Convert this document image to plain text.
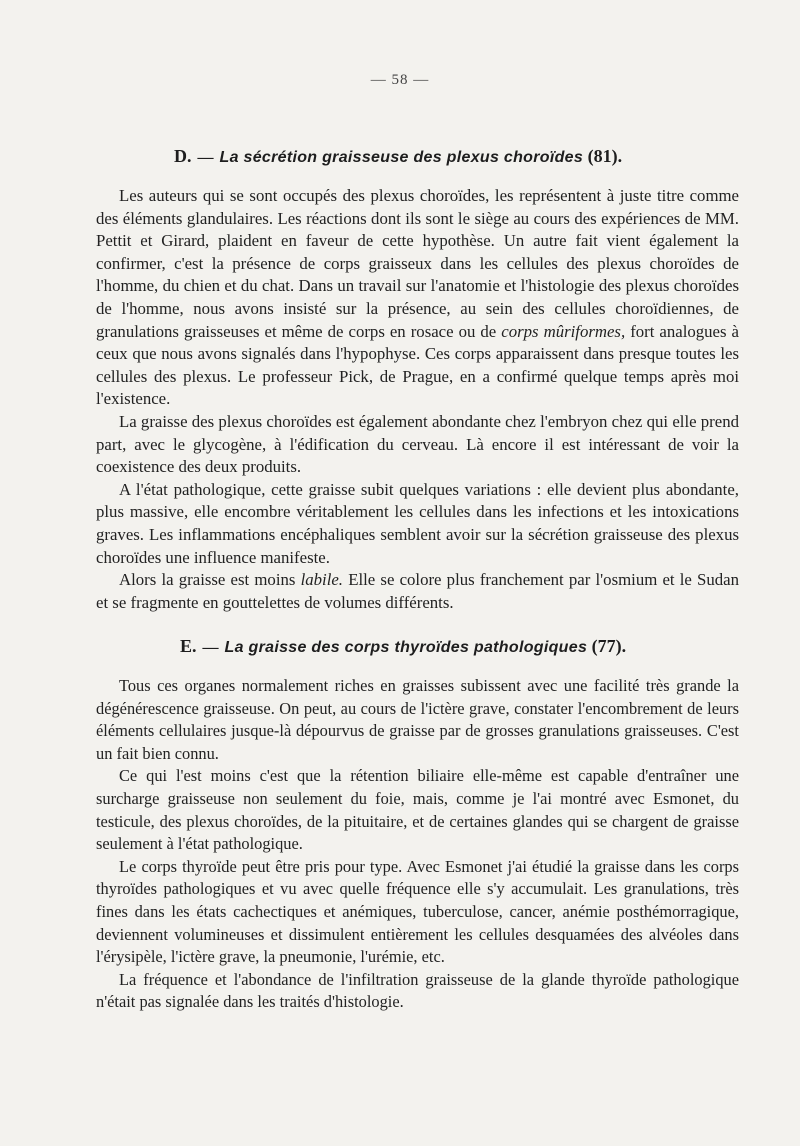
— 58 —
D. — La sécrétion graisseuse des plexus choroïdes (81).

Les auteurs qui se sont occupés des plexus choroïdes, les représentent à juste titre comme des éléments glandulaires. Les réactions dont ils sont le siège au cours des expériences de MM. Pettit et Girard, plaident en faveur de cette hypothèse. Un autre fait vient également la confirmer, c'est la présence de corps graisseux dans les cellules des plexus choroïdes de l'homme, du chien et du chat. Dans un travail sur l'anatomie et l'histologie des plexus choroïdes de l'homme, nous avons insisté sur la présence, au sein des cellules choroïdiennes, de granulations graisseuses et même de corps en rosace ou de corps mûriformes, fort analogues à ceux que nous avons signalés dans l'hypophyse. Ces corps apparaissent dans presque toutes les cellules des plexus. Le professeur Pick, de Prague, en a confirmé quelque temps après moi l'existence.

La graisse des plexus choroïdes est également abondante chez l'embryon chez qui elle prend part, avec le glycogène, à l'édification du cerveau. Là encore il est intéressant de voir la coexistence des deux produits.

A l'état pathologique, cette graisse subit quelques variations : elle devient plus abondante, plus massive, elle encombre véritablement les cellules dans les infections et les intoxications graves. Les inflammations encéphaliques semblent avoir sur la sécrétion graisseuse des plexus choroïdes une influence manifeste.

Alors la graisse est moins labile. Elle se colore plus franchement par l'osmium et le Sudan et se fragmente en gouttelettes de volumes différents.

E. — La graisse des corps thyroïdes pathologiques (77).

Tous ces organes normalement riches en graisses subissent avec une facilité très grande la dégénérescence graisseuse. On peut, au cours de l'ictère grave, constater l'encombrement de leurs éléments cellulaires jusque-là dépourvus de graisse par de grosses granulations graisseuses. C'est un fait bien connu.

Ce qui l'est moins c'est que la rétention biliaire elle-même est capable d'entraîner une surcharge graisseuse non seulement du foie, mais, comme je l'ai montré avec Esmonet, du testicule, des plexus choroïdes, de la pituitaire, et de certaines glandes qui se chargent de graisse seulement à l'état pathologique.

Le corps thyroïde peut être pris pour type. Avec Esmonet j'ai étudié la graisse dans les corps thyroïdes pathologiques et vu avec quelle fréquence elle s'y accumulait. Les granulations, très fines dans les états cachectiques et anémiques, tuberculose, cancer, anémie posthémorragique, deviennent volumineuses et dissimulent entièrement les cellules desquamées des alvéoles dans l'érysipèle, l'ictère grave, la pneumonie, l'urémie, etc.

La fréquence et l'abondance de l'infiltration graisseuse de la glande thyroïde pathologique n'était pas signalée dans les traités d'histologie.
